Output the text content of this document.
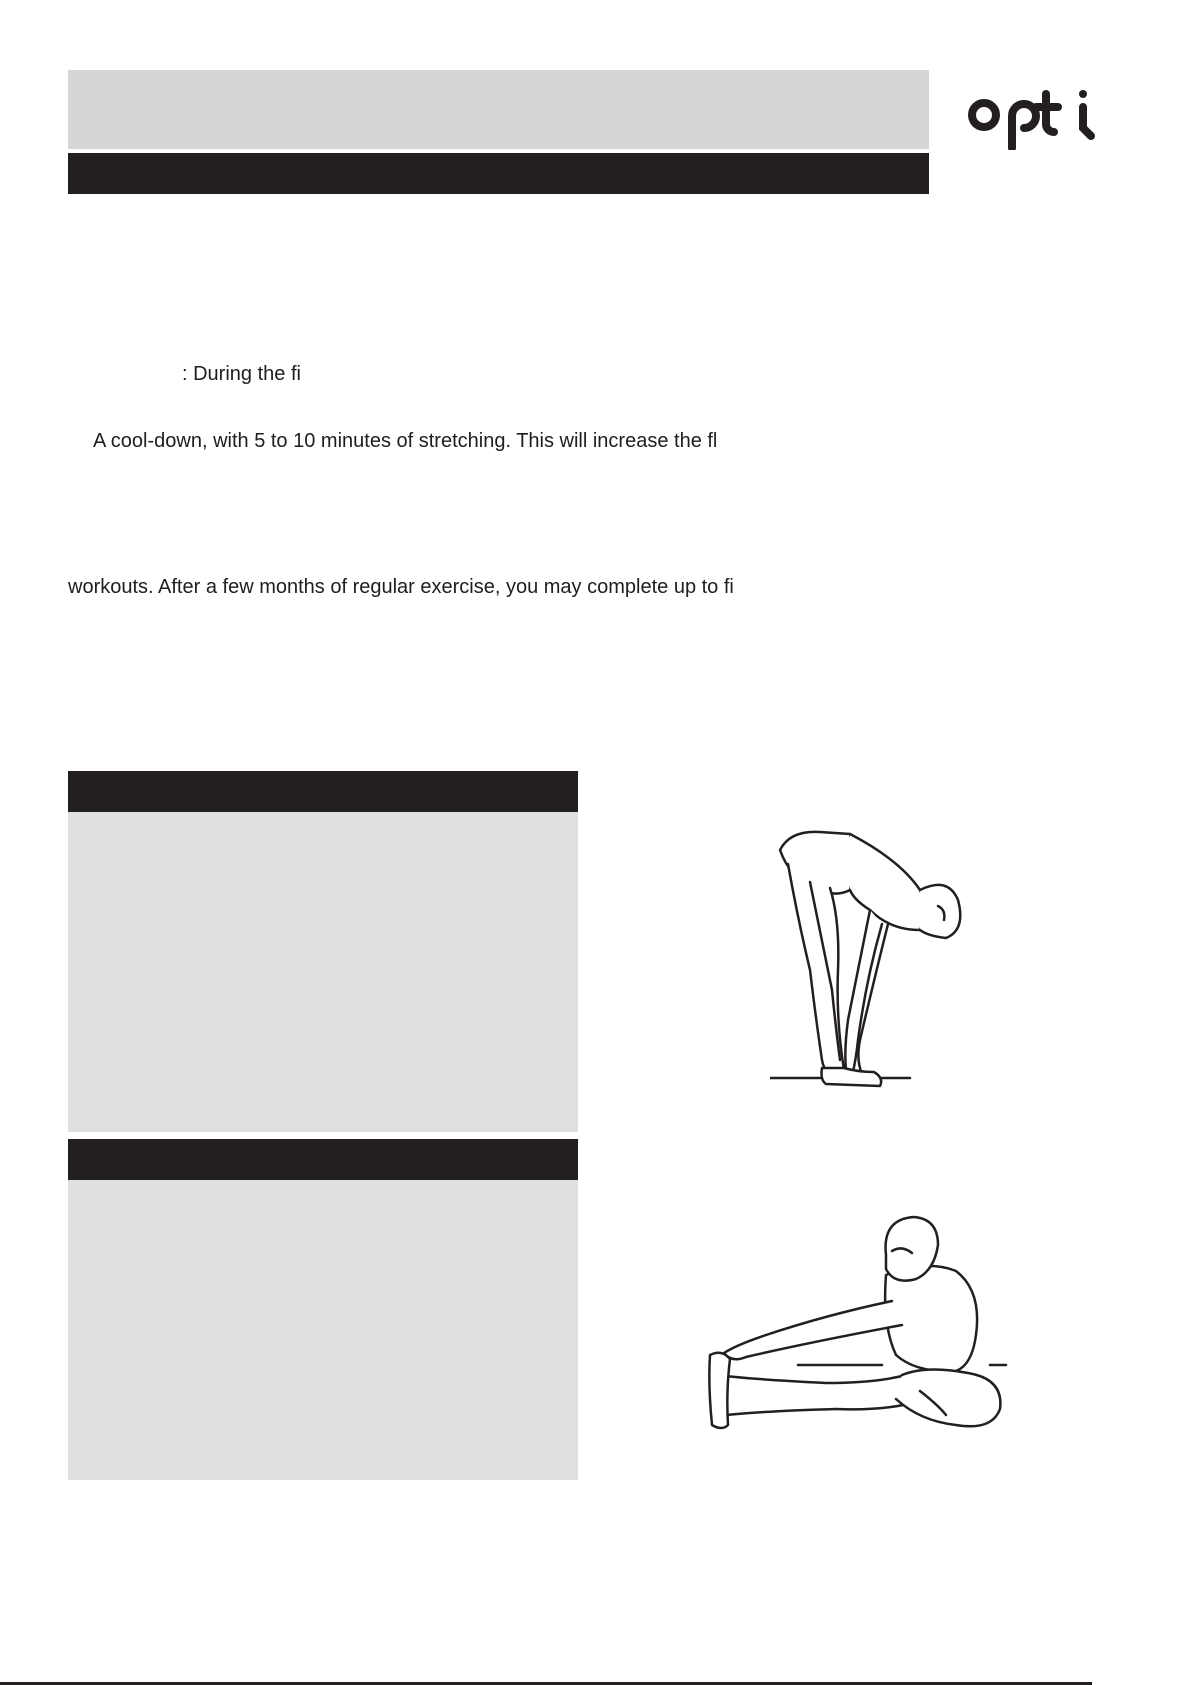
: During the fi
A cool-down, with 5 to 10 minutes of stretching. This will increase the fl
workouts. After a few months of regular exercise, you may complete up to fi
